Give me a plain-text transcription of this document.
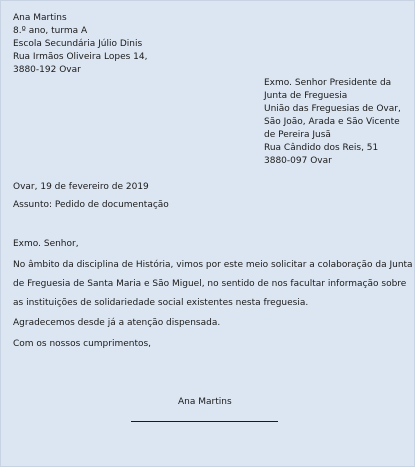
Ana Martins
8.º ano, turma A
Escola Secundária Júlio Dinis
Rua Irmãos Oliveira Lopes 14,
3880-192 Ovar
Exmo. Senhor Presidente da
Junta de Freguesia
União das Freguesias de Ovar,
São João, Arada e São Vicente
de Pereira Jusã
Rua Cândido dos Reis, 51
3880-097 Ovar
Ovar, 19 de fevereiro de 2019
Assunto: Pedido de documentação
Exmo. Senhor,
No âmbito da disciplina de História, vimos por este meio solicitar a colaboração da Junta
de Freguesia de Santa Maria e São Miguel, no sentido de nos facultar informação sobre
as instituições de solidariedade social existentes nesta freguesia.
Agradecemos desde já a atenção dispensada.
Com os nossos cumprimentos,
Ana Martins
